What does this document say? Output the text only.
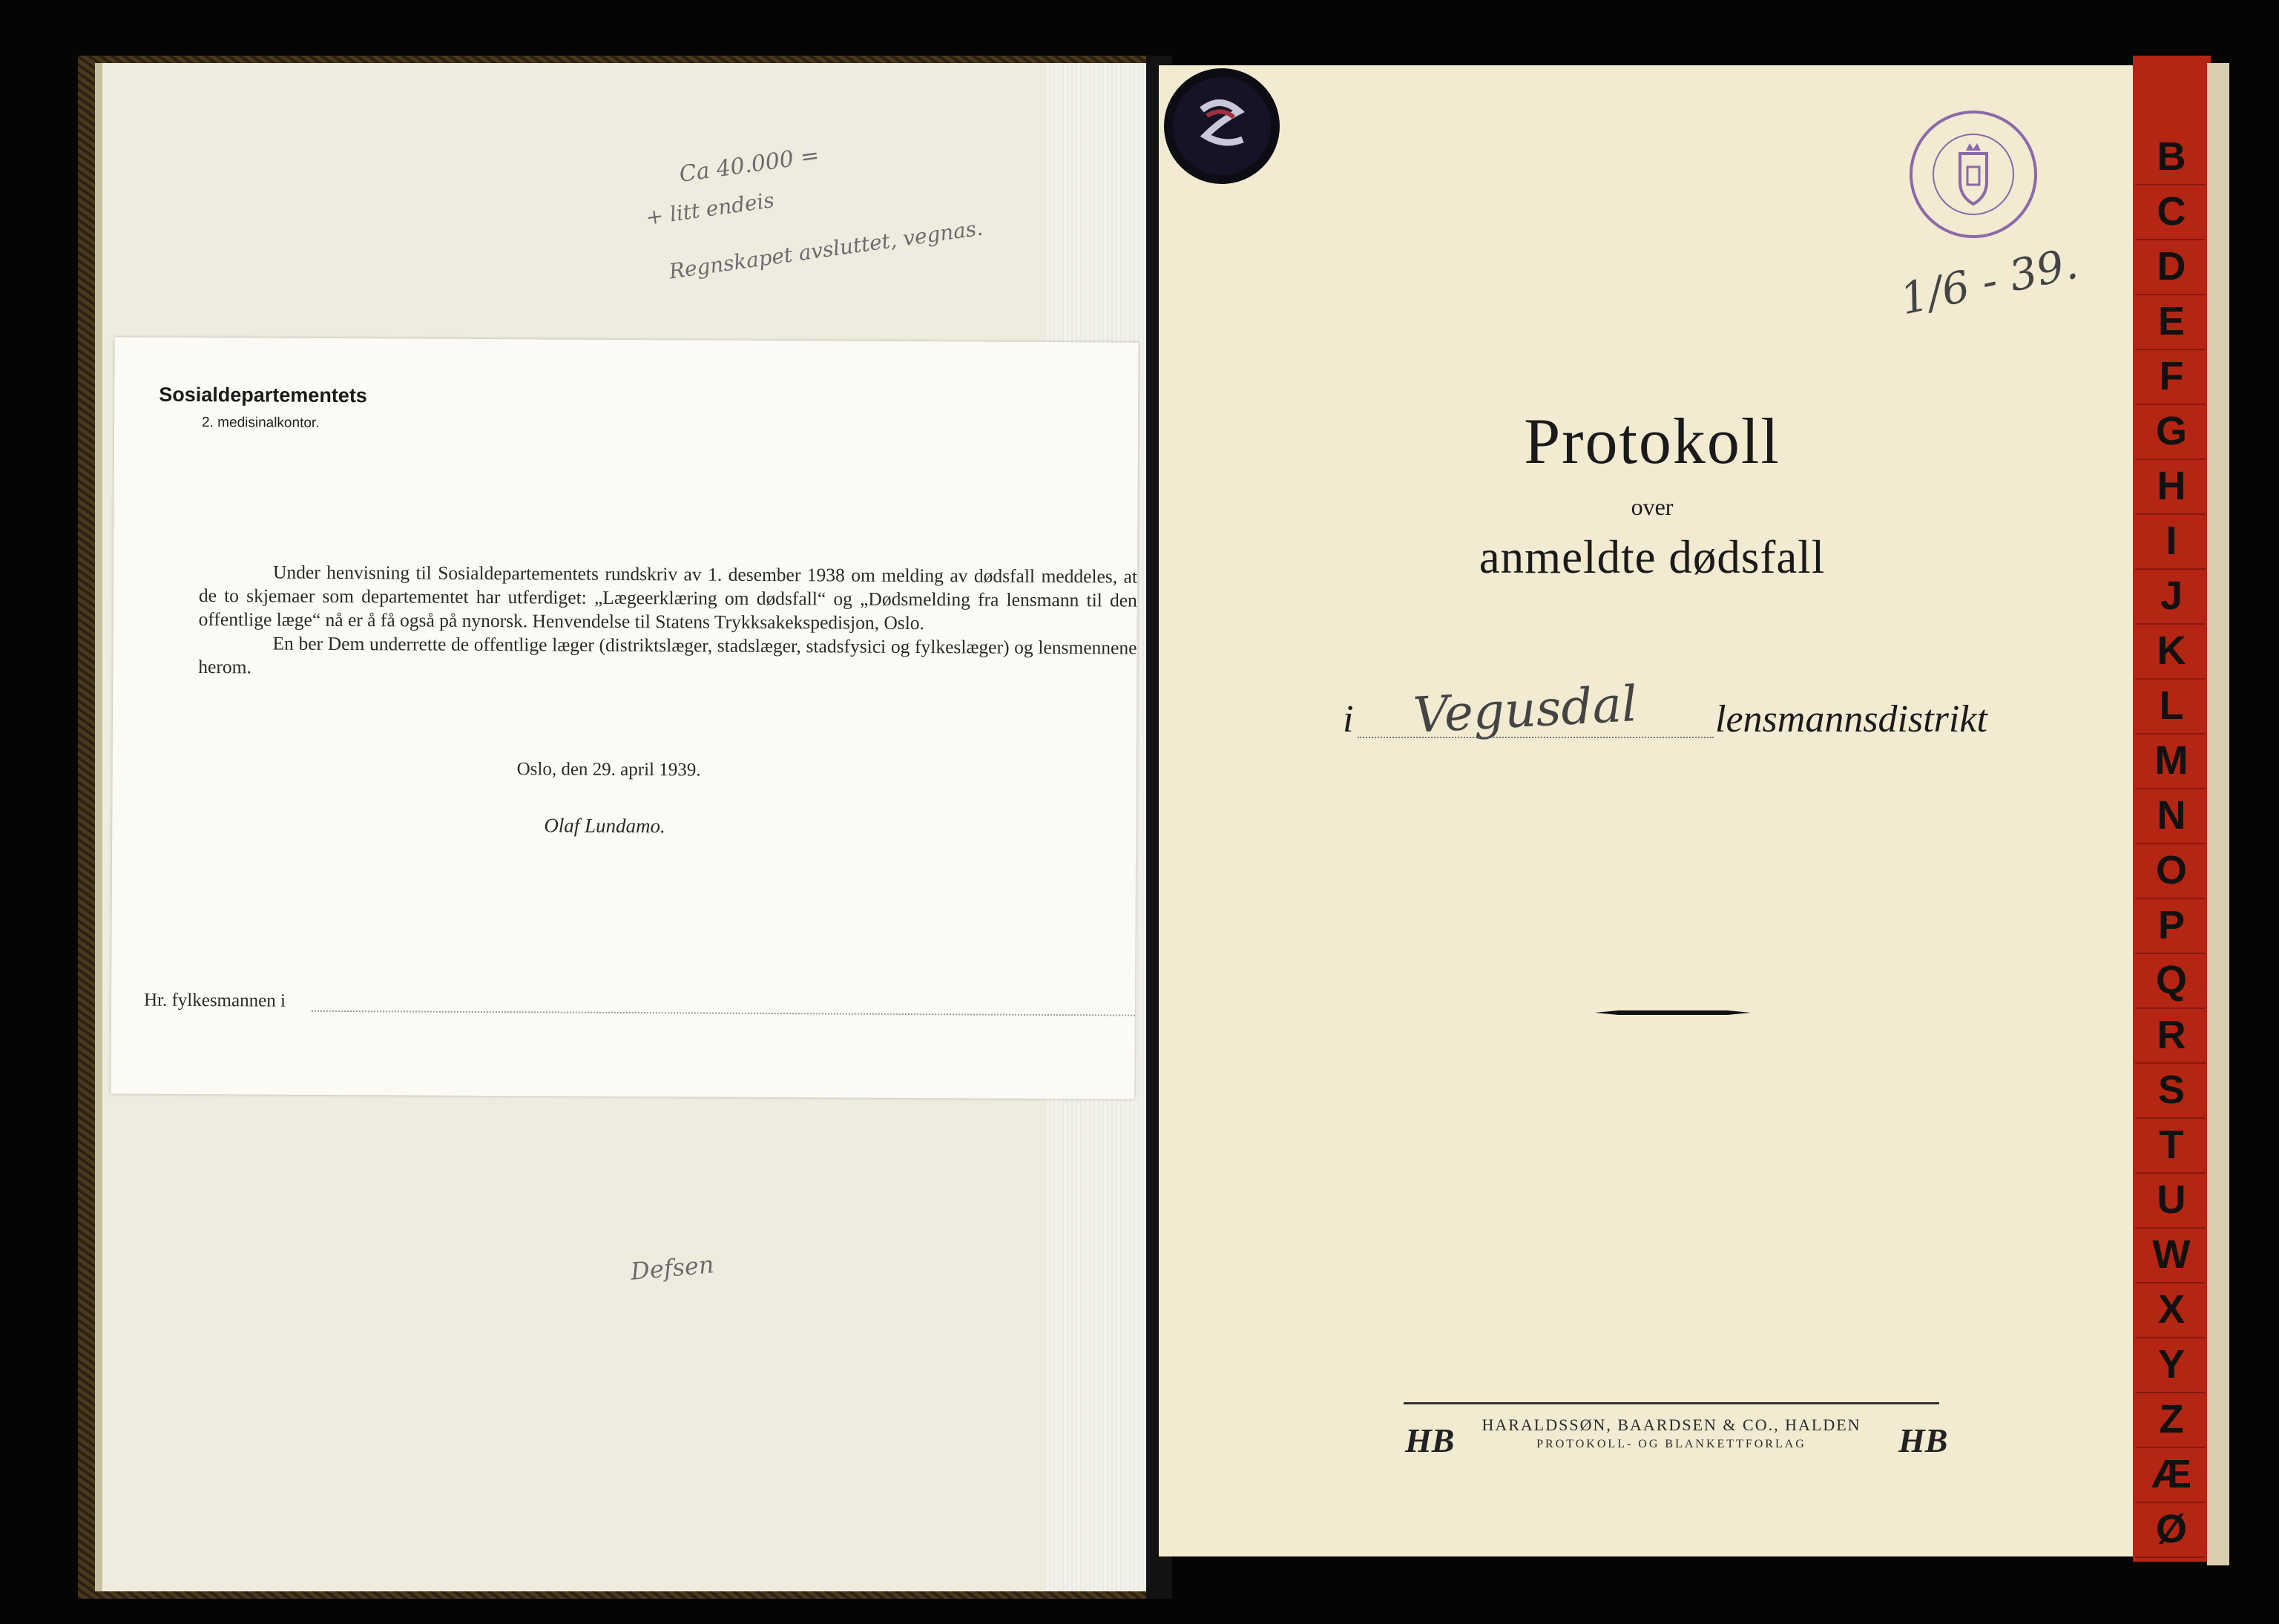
Ca 40.000 =
+ litt endeis
Regnskapet avsluttet, vegnas.
Defsen
Sosialdepartementets
2. medisinalkontor.

Under henvisning til Sosialdepartementets rundskriv av 1. desember 1938 om melding av dødsfall meddeles, at de to skjemaer som departementet har utferdiget: „Lægeerklæring om dødsfall“ og „Dødsmelding fra lensmann til den offentlige læge“ nå er å få også på nynorsk. Henvendelse til Statens Trykksakekspedisjon, Oslo.

En ber Dem underrette de offentlige læger (distriktslæger, stadslæger, stadsfysici og fylkeslæger) og lensmennene herom.

Oslo, den 29. april 1939.
Olaf Lundamo.
Hr. fylkesmannen i
1/6 - 39.
Protokoll
over
anmeldte dødsfall
i Vegusdal lensmannsdistrikt
HB	HARALDSSØN, BAARDSEN & CO., HALDEN
PROTOKOLL- OG BLANKETTFORLAG	HB
B
C
D
E
F
G
H
I
J
K
L
M
N
O
P
Q
R
S
T
U
W
X
Y
Z
Æ
Ø
